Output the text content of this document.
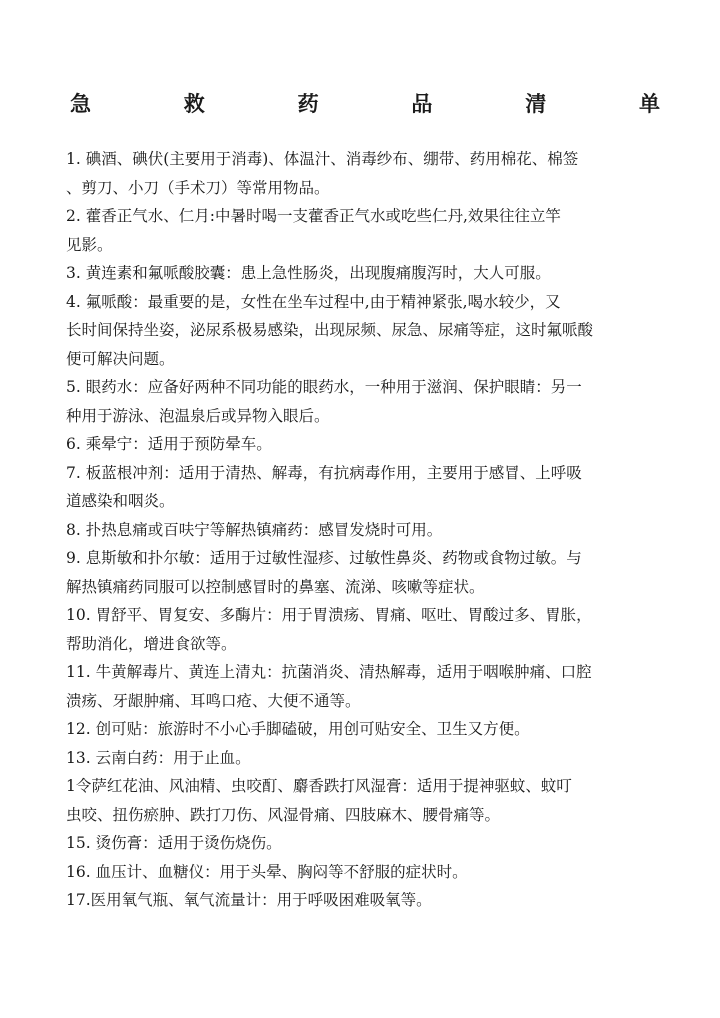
急	救	药	品	清	单

1. 碘酒、碘伏(主要用于消毒)、体温汁、消毒纱布、绷带、药用棉花、棉签

、剪刀、小刀（手术刀）等常用物品。

2. 藿香正气水、仁月:中暑时喝一支藿香正气水或吃些仁丹,效果往往立竿

见影。

3. 黄连素和氟哌酸胶囊：患上急性肠炎，出现腹痛腹泻时，大人可服。

4. 氟哌酸：最重要的是，女性在坐车过程中,由于精神紧张,喝水较少，又

长时间保持坐姿，泌尿系极易感染，出现尿频、尿急、尿痛等症，这时氟哌酸

便可解决问题。

5. 眼药水：应备好两种不同功能的眼药水，一种用于滋润、保护眼睛：另一

种用于游泳、泡温泉后或异物入眼后。

6. 乘晕宁：适用于预防晕车。

7. 板蓝根冲剂：适用于清热、解毒，有抗病毒作用，主要用于感冒、上呼吸

道感染和咽炎。

8. 扑热息痛或百呋宁等解热镇痛药：感冒发烧时可用。

9. 息斯敏和扑尔敏：适用于过敏性湿疹、过敏性鼻炎、药物或食物过敏。与

解热镇痛药同服可以控制感冒时的鼻塞、流涕、咳嗽等症状。

10. 胃舒平、胃复安、多酶片：用于胃溃疡、胃痛、呕吐、胃酸过多、胃胀，

帮助消化，增进食欲等。

11. 牛黄解毒片、黄连上清丸：抗菌消炎、清热解毒，适用于咽喉肿痛、口腔

溃疡、牙龈肿痛、耳鸣口疮、大便不通等。

12. 创可贴：旅游时不小心手脚磕破，用创可贴安全、卫生又方便。

13. 云南白药：用于止血。

1令萨红花油、风油精、虫咬酊、麝香跌打风湿膏：适用于提神驱蚊、蚊叮

虫咬、扭伤瘀肿、跌打刀伤、风湿骨痛、四肢麻木、腰骨痛等。

15. 烫伤膏：适用于烫伤烧伤。

16. 血压计、血糖仪：用于头晕、胸闷等不舒服的症状时。

17.医用氧气瓶、氧气流量计：用于呼吸困难吸氧等。
